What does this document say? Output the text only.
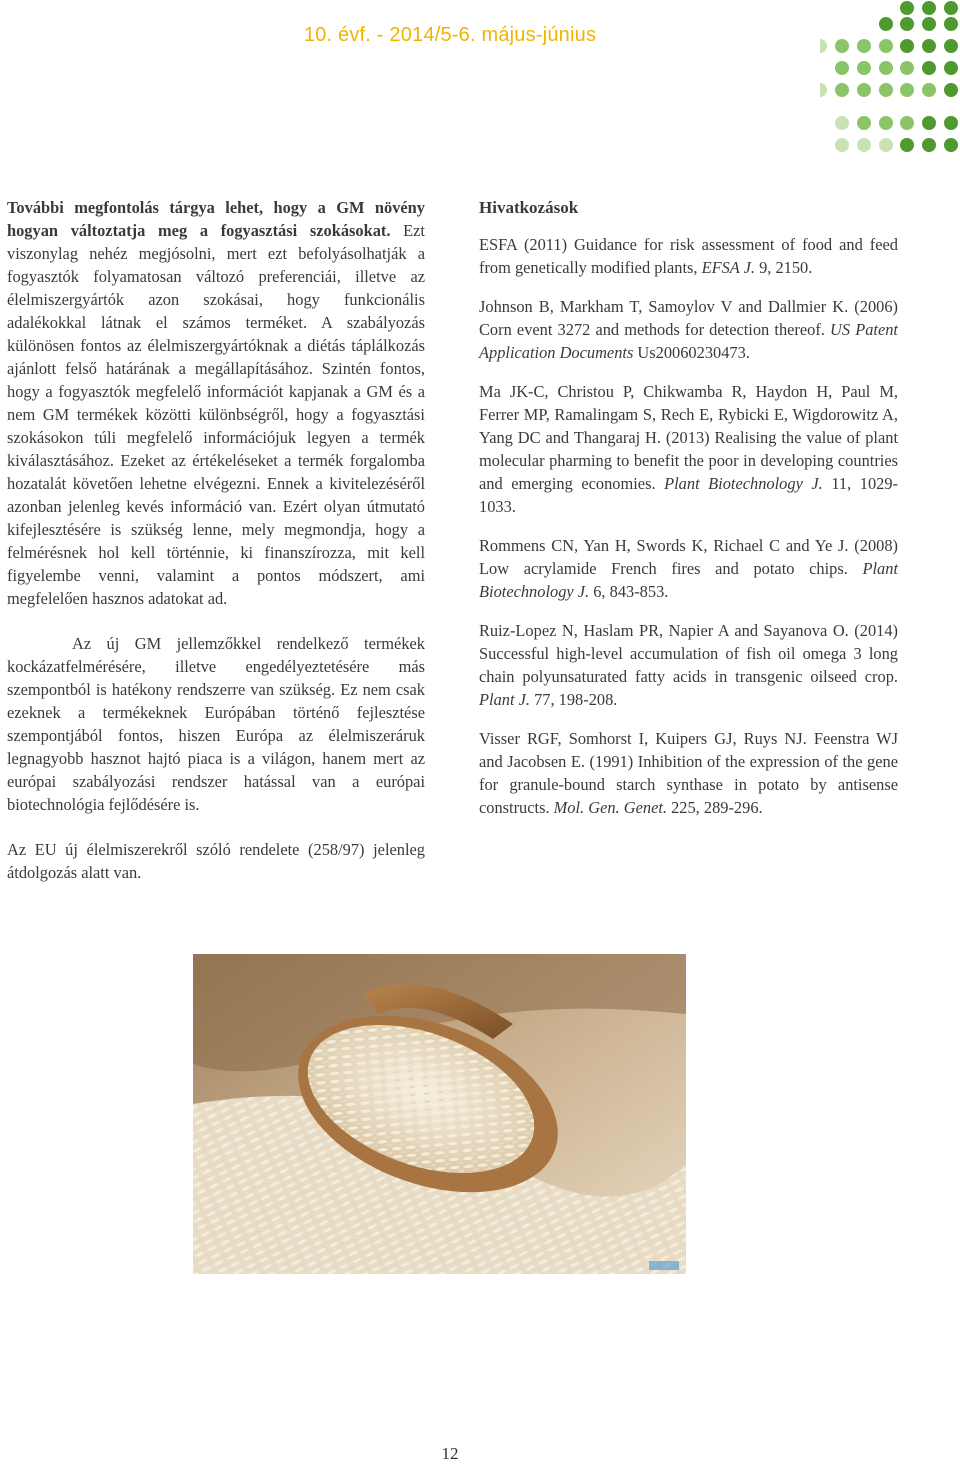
10. évf. - 2014/5-6. május-június

További megfontolás tárgya lehet, hogy a GM növény hogyan változtatja meg a fogyasztási szokásokat. Ezt viszonylag nehéz megjósolni, mert ezt befolyásolhatják a fogyasztók folyamatosan változó preferenciái, illetve az élelmiszergyártók azon szokásai, hogy funkcionális adalékokkal látnak el számos terméket. A szabályozás különösen fontos az élelmiszergyártóknak a diétás táplálkozás ajánlott felső határának a megállapításához. Szintén fontos, hogy a fogyasztók megfelelő információt kapjanak a GM és a nem GM termékek közötti különbségről, hogy a fogyasztási szokásokon túli megfelelő információjuk legyen a termék kiválasztásához. Ezeket az értékeléseket a termék forgalomba hozatalát követően lehetne elvégezni. Ennek a kivitelezéséről azonban jelenleg kevés információ van. Ezért olyan útmutató kifejlesztésére is szükség lenne, mely megmondja, hogy a felmérésnek hol kell történnie, ki finanszírozza, mit kell figyelembe venni, valamint a pontos módszert, ami megfelelően hasznos adatokat ad.

Az új GM jellemzőkkel rendelkező termékek kockázatfelmérésére, illetve engedélyeztetésére más szempontból is hatékony rendszerre van szükség. Ez nem csak ezeknek a termékeknek Európában történő fejlesztése szempontjából fontos, hiszen Európa az élelmiszeráruk legnagyobb hasznot hajtó piaca is a világon, hanem mert az európai szabályozási rendszer hatással van a európai biotechnológia fejlődésére is.

Az EU új élelmiszerekről szóló rendelete (258/97) jelenleg átdolgozás alatt van.

Hivatkozások

ESFA (2011) Guidance for risk assessment of food and feed from genetically modified plants, EFSA J. 9, 2150.

Johnson B, Markham T, Samoylov V and Dallmier K. (2006) Corn event 3272 and methods for detection thereof. US Patent Application Documents Us20060230473.

Ma JK-C, Christou P, Chikwamba R, Haydon H, Paul M, Ferrer MP, Ramalingam S, Rech E, Rybicki E, Wigdorowitz A, Yang DC and Thangaraj H. (2013) Realising the value of plant molecular pharming to benefit the poor in developing countries and emerging economies. Plant Biotechnology J. 11, 1029-1033.

Rommens CN, Yan H, Swords K, Richael C and Ye J. (2008) Low acrylamide French fires and potato chips. Plant Biotechnology J. 6, 843-853.

Ruiz-Lopez N, Haslam PR, Napier A and Sayanova O. (2014) Successful high-level accumulation of fish oil omega 3 long chain polyunsaturated fatty acids in transgenic oilseed crop. Plant J. 77, 198-208.

Visser RGF, Somhorst I, Kuipers GJ, Ruys NJ. Feenstra WJ and Jacobsen E. (1991) Inhibition of the expression of the gene for granule-bound starch synthase in potato by antisense constructs. Mol. Gen. Genet. 225, 289-296.

12
